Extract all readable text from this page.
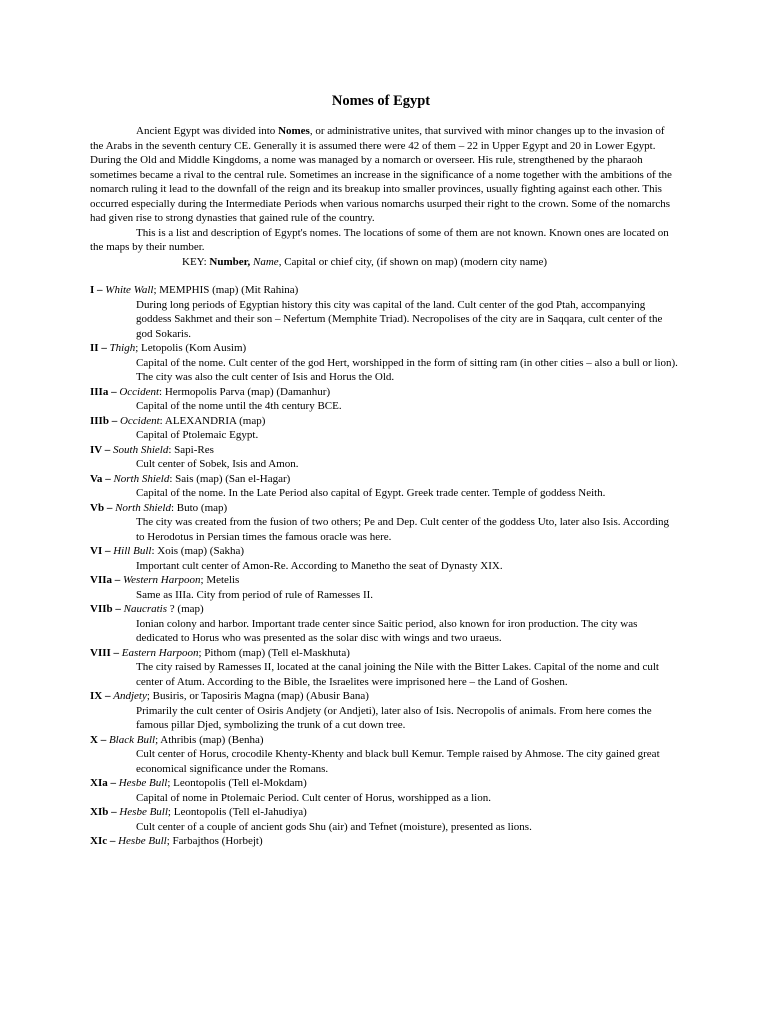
Nomes of Egypt

Ancient Egypt was divided into Nomes, or administrative unites, that survived with minor changes up to the invasion of the Arabs in the seventh century CE. Generally it is assumed there were 42 of them – 22 in Upper Egypt and 20 in Lower Egypt. During the Old and Middle Kingdoms, a nome was managed by a nomarch or overseer. His rule, strengthened by the pharaoh sometimes became a rival to the central rule. Sometimes an increase in the significance of a nome together with the ambitions of the nomarch ruling it lead to the downfall of the reign and its breakup into smaller provinces, usually fighting against each other. This occurred especially during the Intermediate Periods when various nomarchs usurped their right to the crown. Some of the nomarchs had given rise to strong dynasties that gained rule of the country.

This is a list and description of Egypt's nomes. The locations of some of them are not known. Known ones are located on the maps by their number.

KEY: Number, Name, Capital or chief city, (if shown on map) (modern city name)

I – White Wall; MEMPHIS (map) (Mit Rahina)
During long periods of Egyptian history this city was capital of the land. Cult center of the god Ptah, accompanying goddess Sakhmet and their son – Nefertum (Memphite Triad). Necropolises of the city are in Saqqara, cult center of the god Sokaris.
II – Thigh; Letopolis (Kom Ausim)
Capital of the nome. Cult center of the god Hert, worshipped in the form of sitting ram (in other cities – also a bull or lion). The city was also the cult center of Isis and Horus the Old.
IIIa – Occident: Hermopolis Parva (map) (Damanhur)
Capital of the nome until the 4th century BCE.
IIIb – Occident: ALEXANDRIA (map)
Capital of Ptolemaic Egypt.
IV – South Shield: Sapi-Res
Cult center of Sobek, Isis and Amon.
Va – North Shield: Sais (map) (San el-Hagar)
Capital of the nome. In the Late Period also capital of Egypt. Greek trade center. Temple of goddess Neith.
Vb – North Shield: Buto (map)
The city was created from the fusion of two others; Pe and Dep. Cult center of the goddess Uto, later also Isis. According to Herodotus in Persian times the famous oracle was here.
VI – Hill Bull: Xois (map) (Sakha)
Important cult center of Amon-Re. According to Manetho the seat of Dynasty XIX.
VIIa – Western Harpoon; Metelis
Same as IIIa. City from period of rule of Ramesses II.
VIIb – Naucratis ? (map)
Ionian colony and harbor. Important trade center since Saitic period, also known for iron production. The city was dedicated to Horus who was presented as the solar disc with wings and two uraeus.
VIII – Eastern Harpoon; Pithom (map) (Tell el-Maskhuta)
The city raised by Ramesses II, located at the canal joining the Nile with the Bitter Lakes. Capital of the nome and cult center of Atum. According to the Bible, the Israelites were imprisoned here – the Land of Goshen.
IX – Andjety; Busiris, or Taposiris Magna (map) (Abusir Bana)
Primarily the cult center of Osiris Andjety (or Andjeti), later also of Isis. Necropolis of animals. From here comes the famous pillar Djed, symbolizing the trunk of a cut down tree.
X – Black Bull; Athribis (map) (Benha)
Cult center of Horus, crocodile Khenty-Khenty and black bull Kemur. Temple raised by Ahmose. The city gained great economical significance under the Romans.
XIa – Hesbe Bull; Leontopolis (Tell el-Mokdam)
Capital of nome in Ptolemaic Period. Cult center of Horus, worshipped as a lion.
XIb – Hesbe Bull; Leontopolis (Tell el-Jahudiya)
Cult center of a couple of ancient gods Shu (air) and Tefnet (moisture), presented as lions.
XIc – Hesbe Bull; Farbajthos (Horbejt)
